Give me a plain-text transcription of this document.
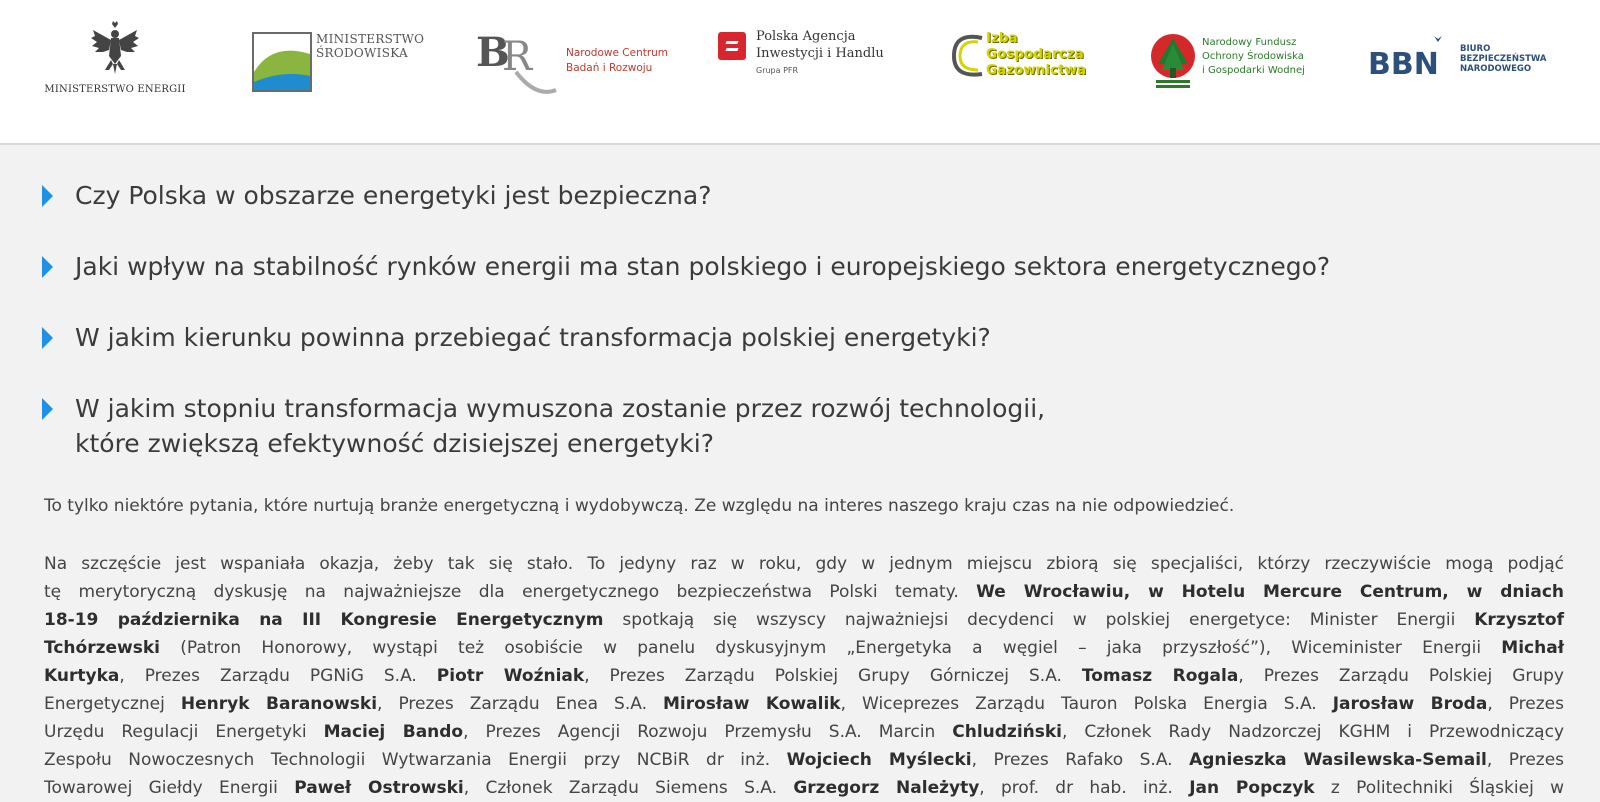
MINISTERSTWO ENERGII
MINISTERSTWO
ŚRODOWISKA	B
R	Narodowe Centrum
Badań i Rozwoju
Polska Agencja
Inwestycji i Handlu
Grupa PFR
Izba
Gospodarcza
Gazownictwa
Narodowy Fundusz
Ochrony Środowiska
i Gospodarki Wodnej BBN BIURO
BEZPIECZEŃSTWA
NARODOWEGO
Czy Polska w obszarze energetyki jest bezpieczna?
Jaki wpływ na stabilność rynków energii ma stan polskiego i europejskiego sektora energetycznego?
W jakim kierunku powinna przebiegać transformacja polskiej energetyki?
W jakim stopniu transformacja wymuszona zostanie przez rozwój technologii,
które zwiększą efektywność dzisiejszej energetyki?
To tylko niektóre pytania, które nurtują branże energetyczną i wydobywczą. Ze względu na interes naszego kraju czas na nie odpowiedzieć.
Na szczęście jest wspaniała okazja, żeby tak się stało. To jedyny raz w roku, gdy w jednym miejscu zbiorą się specjaliści, którzy rzeczywiście mogą podjąć
tę merytoryczną dyskusję na najważniejsze dla energetycznego bezpieczeństwa Polski tematy. We Wrocławiu, w Hotelu Mercure Centrum, w dniach
18-19 października na III Kongresie Energetycznym spotkają się wszyscy najważniejsi decydenci w polskiej energetyce: Minister Energii Krzysztof
Tchórzewski (Patron Honorowy, wystąpi też osobiście w panelu dyskusyjnym „Energetyka a węgiel – jaka przyszłość”), Wiceminister Energii Michał
Kurtyka, Prezes Zarządu PGNiG S.A. Piotr Woźniak, Prezes Zarządu Polskiej Grupy Górniczej S.A. Tomasz Rogala, Prezes Zarządu Polskiej Grupy
Energetycznej Henryk Baranowski, Prezes Zarządu Enea S.A. Mirosław Kowalik, Wiceprezes Zarządu Tauron Polska Energia S.A. Jarosław Broda, Prezes
Urzędu Regulacji Energetyki Maciej Bando, Prezes Agencji Rozwoju Przemysłu S.A. Marcin Chludziński, Członek Rady Nadzorczej KGHM i Przewodniczący
Zespołu Nowoczesnych Technologii Wytwarzania Energii przy NCBiR dr inż. Wojciech Myślecki, Prezes Rafako S.A. Agnieszka Wasilewska-Semail, Prezes
Towarowej Giełdy Energii Paweł Ostrowski, Członek Zarządu Siemens S.A. Grzegorz Należyty, prof. dr hab. inż. Jan Popczyk z Politechniki Śląskiej w
